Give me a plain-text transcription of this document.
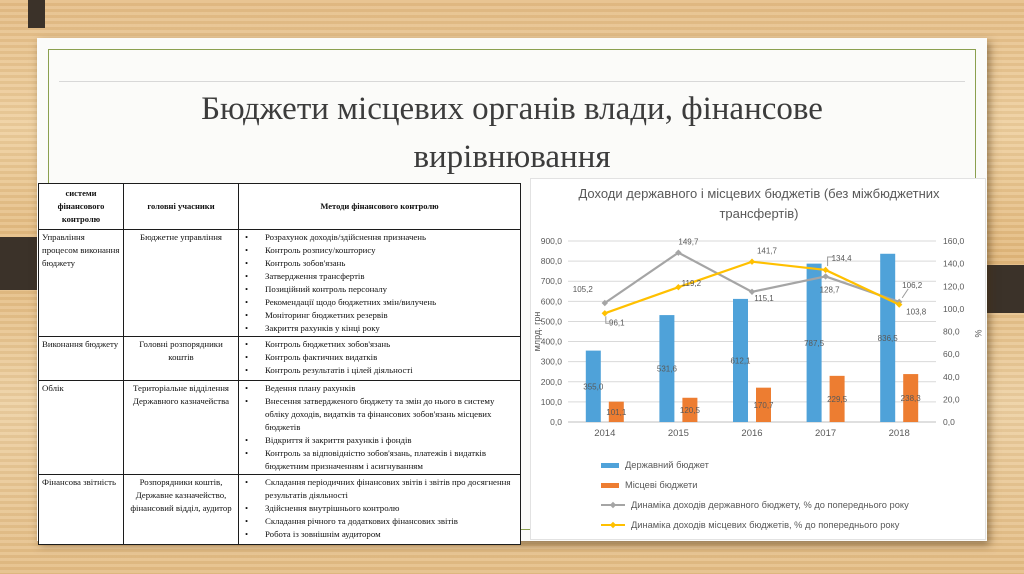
Бюджети місцевих органів влади, фінансове вирівнювання
системи фінансового контролю	головні учасники	Методи фінансового контролю
Управління процесом виконання бюджету	Бюджетне управління	
•Розрахунок доходів/здійснення призначень
• Контроль розпису/кошторису
• Контроль зобов'язань
• Затвердження трансфертів
• Позиційний контроль персоналу
• Рекомендації щодо бюджетних змін/вилучень
• Моніторинг бюджетних резервів
• Закриття рахунків у кінці року

Виконання бюджету	Головні розпорядники коштів	
• Контроль бюджетних зобов'язань
• Контроль фактичних видатків
• Контроль результатів і цілей діяльності

Облік	Територіальне відділення Державного казначейства	
• Ведення плану рахунків
• Внесення затвердженого бюджету та змін до нього в систему обліку доходів, видатків та фінансових зобов'язань місцевих бюджетів
• Відкриття й закриття рахунків і фондів
• Контроль за відповідністю зобов'язань, платежів і видатків бюджетним призначенням і асигнуванням

Фінансова звітність	Розпорядники коштів, Державне казначейство, фінансовий відділ, аудитор	
• Складання періодичних фінансових звітів і звітів про досягнення результатів діяльності
• Здійснення внутрішнього контролю
• Складання річного та додаткових фінансових звітів
• Робота із зовнішнім аудитором
Доходи державного і місцевих бюджетів (без міжбюджетних трансфертів)
900,0
800,0
700,0
600,0
500,0
400,0
300,0
200,0
100,0
0,0
млрд. грн
160,0
140,0
120,0
100,0
80,0
60,0
40,0
20,0
0,0
%
2014	2015	2016	2017	2018
355,0
531,6
612,1
787,5
836,5
101,1	120,5
170,7
229,5	238,3
105,2
149,7
115,1
128,7
106,2
96,1
119,2
141,7
134,4
103,8
Державний бюджет
Місцеві бюджети
Динаміка доходів державного бюджету, % до попереднього року
Динаміка доходів місцевих бюджетів, % до попереднього року
